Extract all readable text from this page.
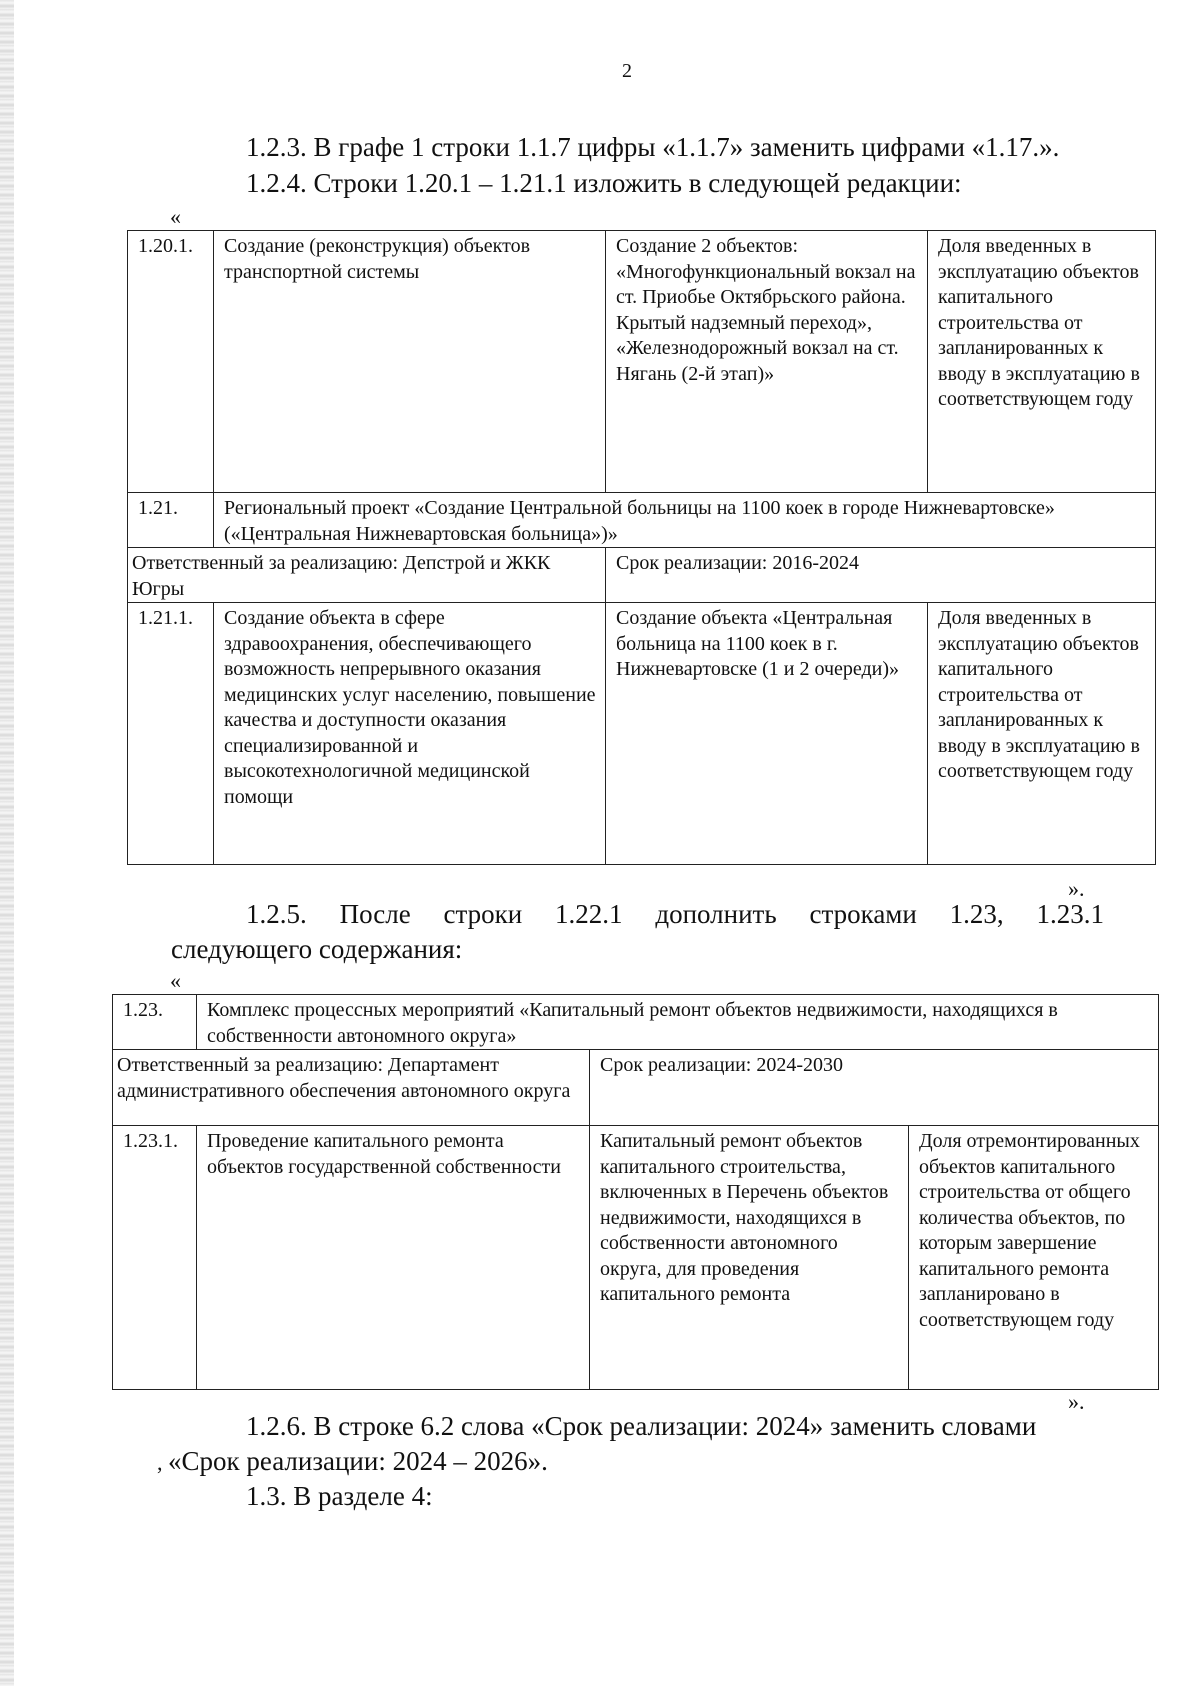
2
1.2.3. В графе 1 строки 1.1.7 цифры «1.1.7» заменить цифрами «1.17.».
1.2.4. Строки 1.20.1 – 1.21.1 изложить в следующей редакции:
«
1.20.1.	Создание (реконструкция) объектов транспортной системы	Создание 2 объектов: «Многофункциональный вокзал на ст. Приобье Октябрьского района. Крытый надземный переход», «Железнодорожный вокзал на ст. Нягань (2-й этап)»	Доля введенных в эксплуатацию объектов капитального строительства от запланированных к вводу в эксплуатацию в соответствующем году
1.21.	Региональный проект «Создание Центральной больницы на 1100 коек в городе Нижневартовске» («Центральная Нижневартовская больница»)»		
Ответственный за реализацию: Депстрой и ЖКК Югры		Срок реализации: 2016-2024	
1.21.1.	Создание объекта в сфере здравоохранения, обеспечивающего возможность непрерывного оказания медицинских услуг населению, повышение качества и доступности оказания специализированной и высокотехнологичной медицинской помощи	Создание объекта «Центральная больница на 1100 коек в г. Нижневартовске (1 и 2 очереди)»	Доля введенных в эксплуатацию объектов капитального строительства от запланированных к вводу в эксплуатацию в соответствующем году
».
1.2.5. После строки 1.22.1 дополнить строками 1.23, 1.23.1
следующего содержания:
«
1.23.	Комплекс процессных мероприятий «Капитальный ремонт объектов недвижимости, находящихся в собственности автономного округа»		
Ответственный за реализацию: Департамент административного обеспечения автономного округа		Срок реализации: 2024-2030	
1.23.1.	Проведение капитального ремонта объектов государственной собственности	Капитальный ремонт объектов капитального строительства, включенных в Перечень объектов недвижимости, находящихся в собственности автономного округа, для проведения капитального ремонта	Доля отремонтированных объектов капитального строительства от общего количества объектов, по которым завершение капитального ремонта запланировано в соответствующем году
».
1.2.6. В строке 6.2 слова «Срок реализации: 2024» заменить словами
, «Срок реализации: 2024 – 2026».
1.3. В разделе 4:
